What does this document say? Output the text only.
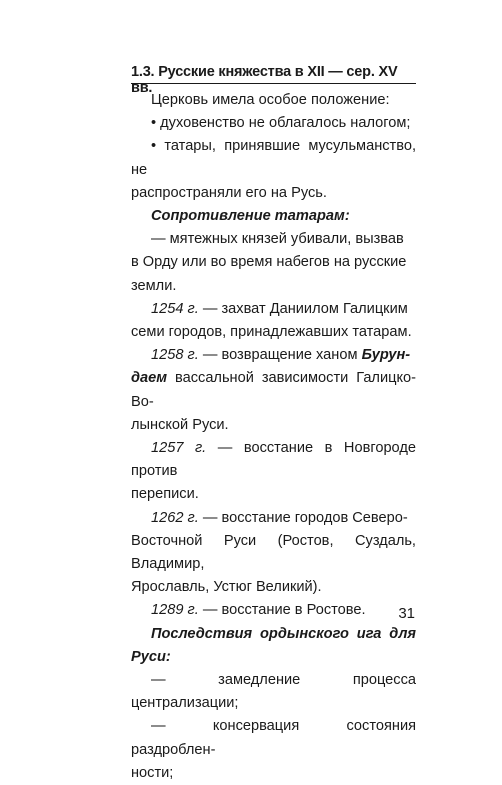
1.3. Русские княжества в XII — сер. XV вв.

Церковь имела особое положение:

• духовенство не облагалось налогом;

• татары, принявшие мусульманство, не
распространяли его на Русь.

Сопротивление татарам:

— мятежных князей убивали, вызвав
в Орду или во время набегов на русские
земли.

1254 г. — захват Даниилом Галицким
семи городов, принадлежавших татарам.

1258 г. — возвращение ханом Бурун-
даем вассальной зависимости Галицко-Во-
лынской Руси.

1257 г. — восстание в Новгороде против
переписи.

1262 г. — восстание городов Северо-
Восточной Руси (Ростов, Суздаль, Владимир,
Ярославль, Устюг Великий).

1289 г. — восстание в Ростове.

Последствия ордынского ига для Руси:

— замедление процесса централизации;

— консервация состояния раздроблен-
ности;

31
